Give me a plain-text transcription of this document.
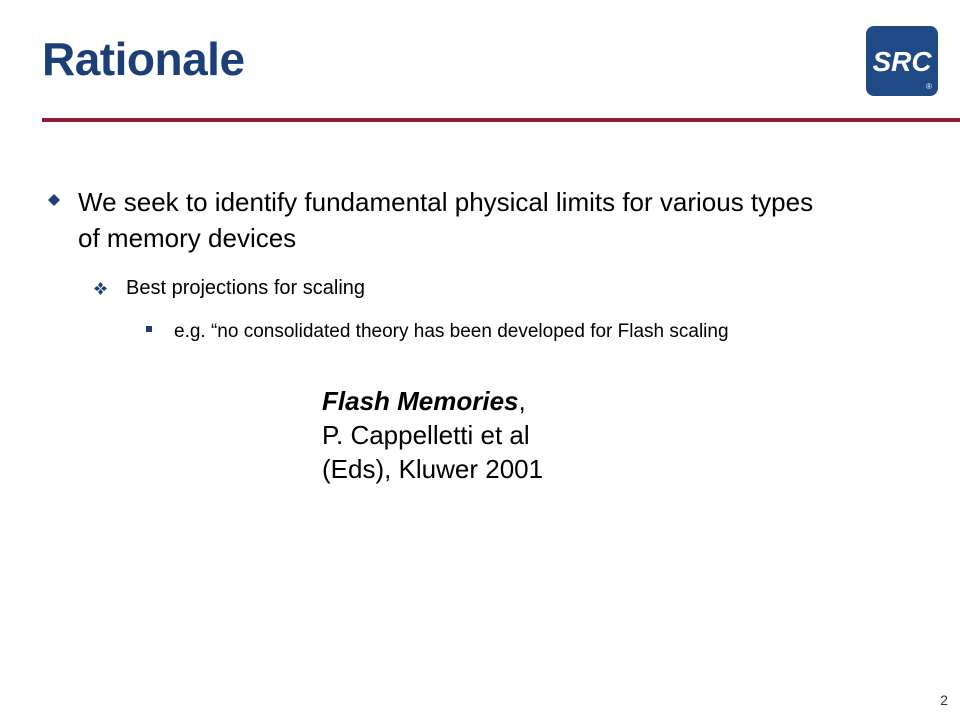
Rationale	SRC
®
We seek to identify fundamental physical limits for various types of memory devices
Best projections for scaling
e.g. “no consolidated theory has been developed for Flash scaling
Flash Memories,
P. Cappelletti et al
(Eds), Kluwer 2001
2
